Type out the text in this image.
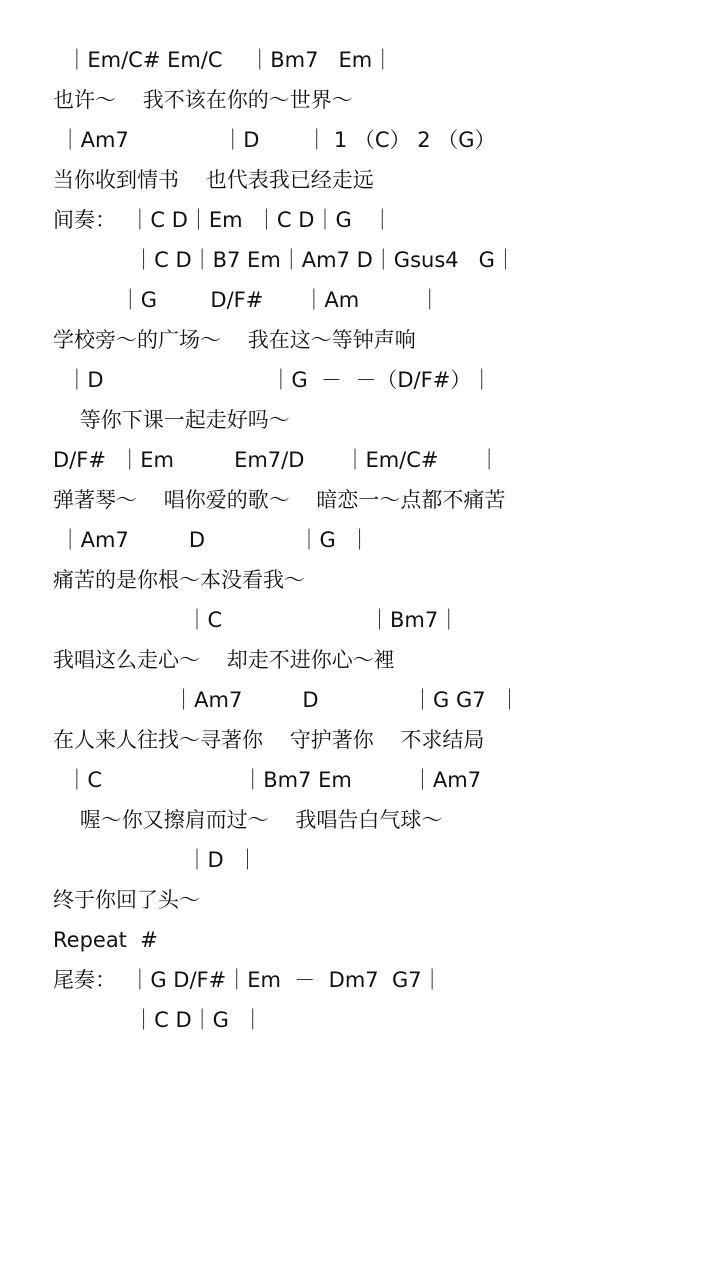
｜Em/C# Em/C    ｜Bm7   Em｜
也许～    我不该在你的～世界～
｜Am7              ｜D       ｜ 1 （C） 2 （G）
当你收到情书    也代表我已经走远
间奏：  ｜C D｜Em  ｜C D｜G   ｜
｜C D｜B7 Em｜Am7 D｜Gsus4   G｜
｜G        D/F#      ｜Am         ｜
学校旁～的广场～    我在这～等钟声响
｜D                         ｜G  －  －（D/F#）｜
等你下课一起走好吗～
D/F#  ｜Em         Em7/D      ｜Em/C#      ｜
弹著琴～    唱你爱的歌～    暗恋一～点都不痛苦
｜Am7         D              ｜G  ｜
痛苦的是你根～本没看我～
｜C                      ｜Bm7｜
我唱这么走心～    却走不进你心～裡
｜Am7         D              ｜G G7  ｜
在人来人往找～寻著你    守护著你    不求结局
｜C                     ｜Bm7 Em         ｜Am7
喔～你又擦肩而过～    我唱告白气球～
｜D  ｜
终于你回了头～
Repeat  #
尾奏：  ｜G D/F#｜Em  －  Dm7  G7｜
｜C D｜G  ｜
